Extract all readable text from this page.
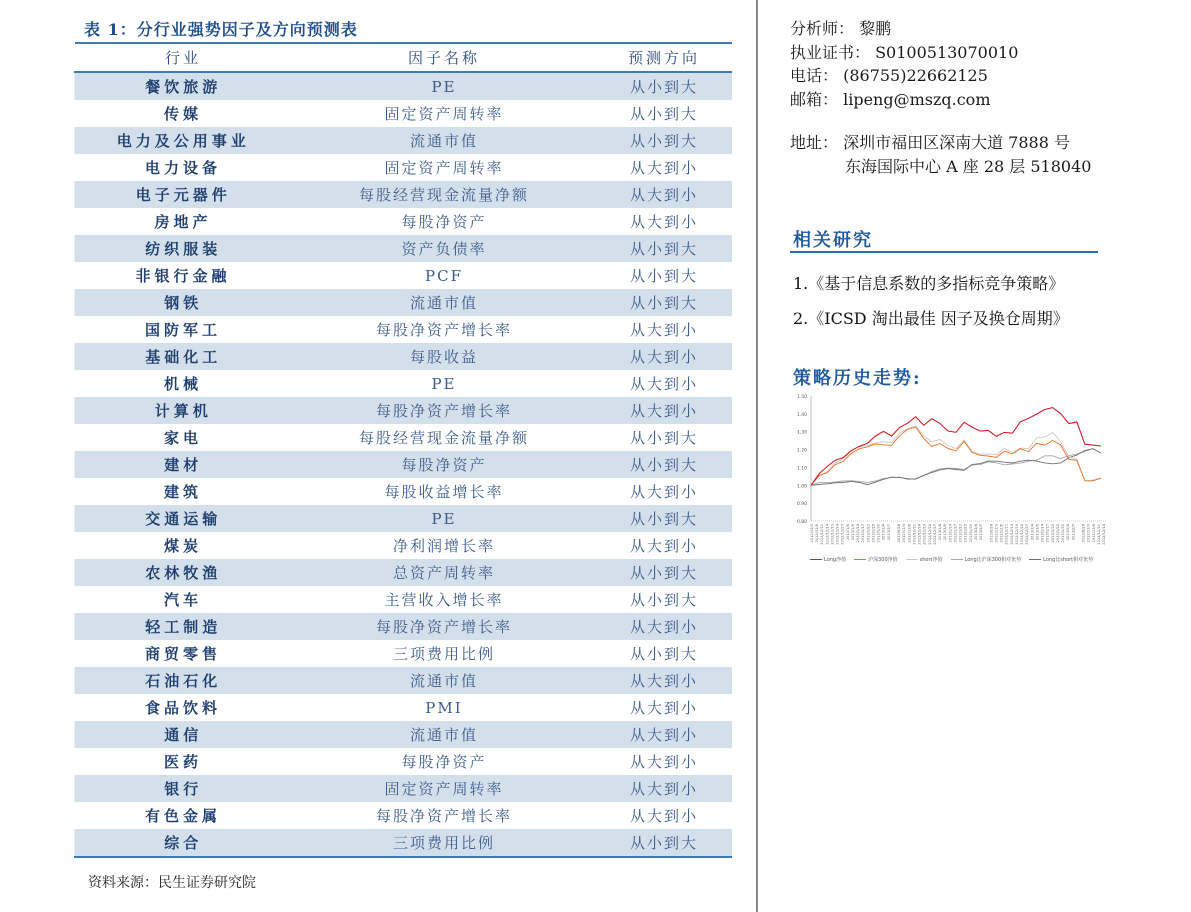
表 1：分行业强势因子及方向预测表
行业	因子名称	预测方向
餐饮旅游	PE	从小到大
传媒	固定资产周转率	从小到大
电力及公用事业	流通市值	从小到大
电力设备	固定资产周转率	从大到小
电子元器件	每股经营现金流量净额	从大到小
房地产	每股净资产	从大到小
纺织服装	资产负债率	从小到大
非银行金融	PCF	从小到大
钢铁	流通市值	从小到大
国防军工	每股净资产增长率	从大到小
基础化工	每股收益	从大到小
机械	PE	从大到小
计算机	每股净资产增长率	从大到小
家电	每股经营现金流量净额	从小到大
建材	每股净资产	从小到大
建筑	每股收益增长率	从大到小
交通运输	PE	从小到大
煤炭	净利润增长率	从大到小
农林牧渔	总资产周转率	从小到大
汽车	主营收入增长率	从小到大
轻工制造	每股净资产增长率	从大到小
商贸零售	三项费用比例	从小到大
石油石化	流通市值	从大到小
食品饮料	PMI	从大到小
通信	流通市值	从大到小
医药	每股净资产	从大到小
银行	固定资产周转率	从大到小
有色金属	每股净资产增长率	从大到小
综合	三项费用比例	从小到大
资料来源：民生证券研究院
分析师： 黎鹏
执业证书： S0100513070010
电话： (86755)22662125
邮箱： lipeng@mszq.com
地址： 深圳市福田区深南大道 7888 号
东海国际中心 A 座 28 层 518040
相关研究
1.《基于信息系数的多指标竞争策略》
2.《ICSD 淘出最佳 因子及换仓周期》
策略历史走势:
1.50
1.40
1.30
1.20
1.10
1.00
0.90
0.80
2012/12/3 2012/12/6 2012/12/11 2012/12/14 2012/12/19 2012/12/24 2012/12/27 2013/1/4 2013/1/9 2013/1/14 2013/1/17 2013/1/22 2013/1/25 2013/1/30 2013/2/4 2013/2/7 2013/6/28 2012/12/3 2012/12/6 2012/12/11 2012/12/14 2012/12/19 2012/12/24 2012/12/27 2013/1/4 2013/1/9 2013/1/14 2013/1/17 2013/1/22 2013/1/25 2013/1/30 2013/2/4 2013/2/7 2013/6/28 2012/12/3 2012/12/6 2012/12/11 2012/12/14 2012/12/19 2012/12/24 2012/12/27 2013/1/4 2013/1/9 2013/1/14 2013/1/17 2013/1/22 2013/1/25 2013/1/30 2013/2/4 2013/2/7 2013/6/28 2012/12/3 2012/12/6 2012/12/11 2012/12/14
Long净值	沪深300净值	short净值	Long比沪深300相对优势	Long比short相对优势
